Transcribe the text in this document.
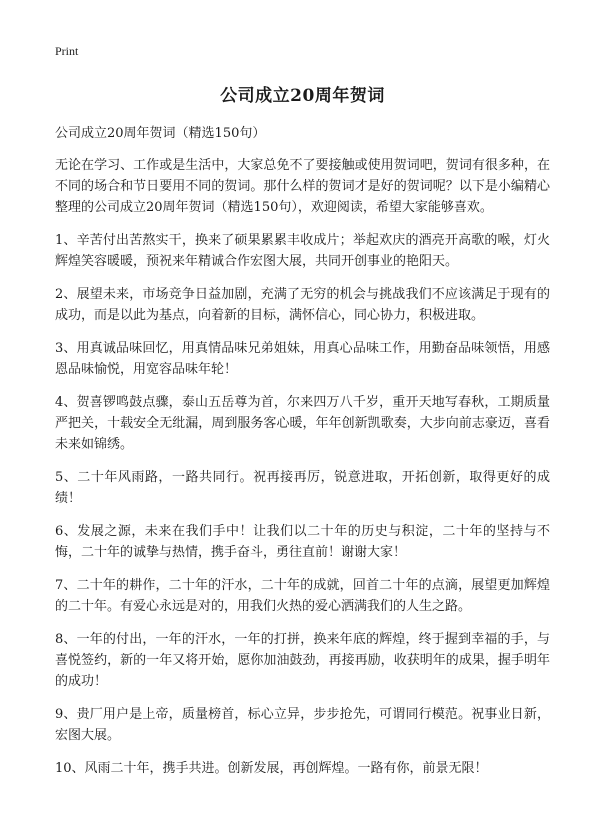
Print
公司成立20周年贺词

公司成立20周年贺词（精选150句）

无论在学习、工作或是生活中，大家总免不了要接触或使用贺词吧，贺词有很多种，在不同的场合和节日要用不同的贺词。那什么样的贺词才是好的贺词呢？以下是小编精心整理的公司成立20周年贺词（精选150句），欢迎阅读，希望大家能够喜欢。

1、辛苦付出苦熬实干，换来了硕果累累丰收成片；举起欢庆的酒亮开高歌的喉，灯火辉煌笑容暖暖，预祝来年精诚合作宏图大展，共同开创事业的艳阳天。

2、展望未来，市场竞争日益加剧，充满了无穷的机会与挑战我们不应该满足于现有的成功，而是以此为基点，向着新的目标，满怀信心，同心协力，积极进取。

3、用真诚品味回忆，用真情品味兄弟姐妹，用真心品味工作，用勤奋品味领悟，用感恩品味愉悦，用宽容品味年轮！

4、贺喜锣鸣鼓点骤，泰山五岳尊为首，尔来四万八千岁，重开天地写春秋，工期质量严把关，十载安全无纰漏，周到服务客心暖，年年创新凯歌奏，大步向前志豪迈，喜看未来如锦绣。

5、二十年风雨路，一路共同行。祝再接再厉，锐意进取，开拓创新，取得更好的成绩！

6、发展之源，未来在我们手中！让我们以二十年的历史与积淀，二十年的坚持与不悔，二十年的诚挚与热情，携手奋斗，勇往直前！谢谢大家！

7、二十年的耕作，二十年的汗水，二十年的成就，回首二十年的点滴，展望更加辉煌的二十年。有爱心永远是对的，用我们火热的爱心洒满我们的人生之路。

8、一年的付出，一年的汗水，一年的打拼，换来年底的辉煌，终于握到幸福的手，与喜悦签约，新的一年又将开始，愿你加油鼓劲，再接再励，收获明年的成果，握手明年的成功！

9、贵厂用户是上帝，质量榜首，标心立异，步步抢先，可谓同行模范。祝事业日新，宏图大展。

10、风雨二十年，携手共进。创新发展，再创辉煌。一路有你，前景无限！
